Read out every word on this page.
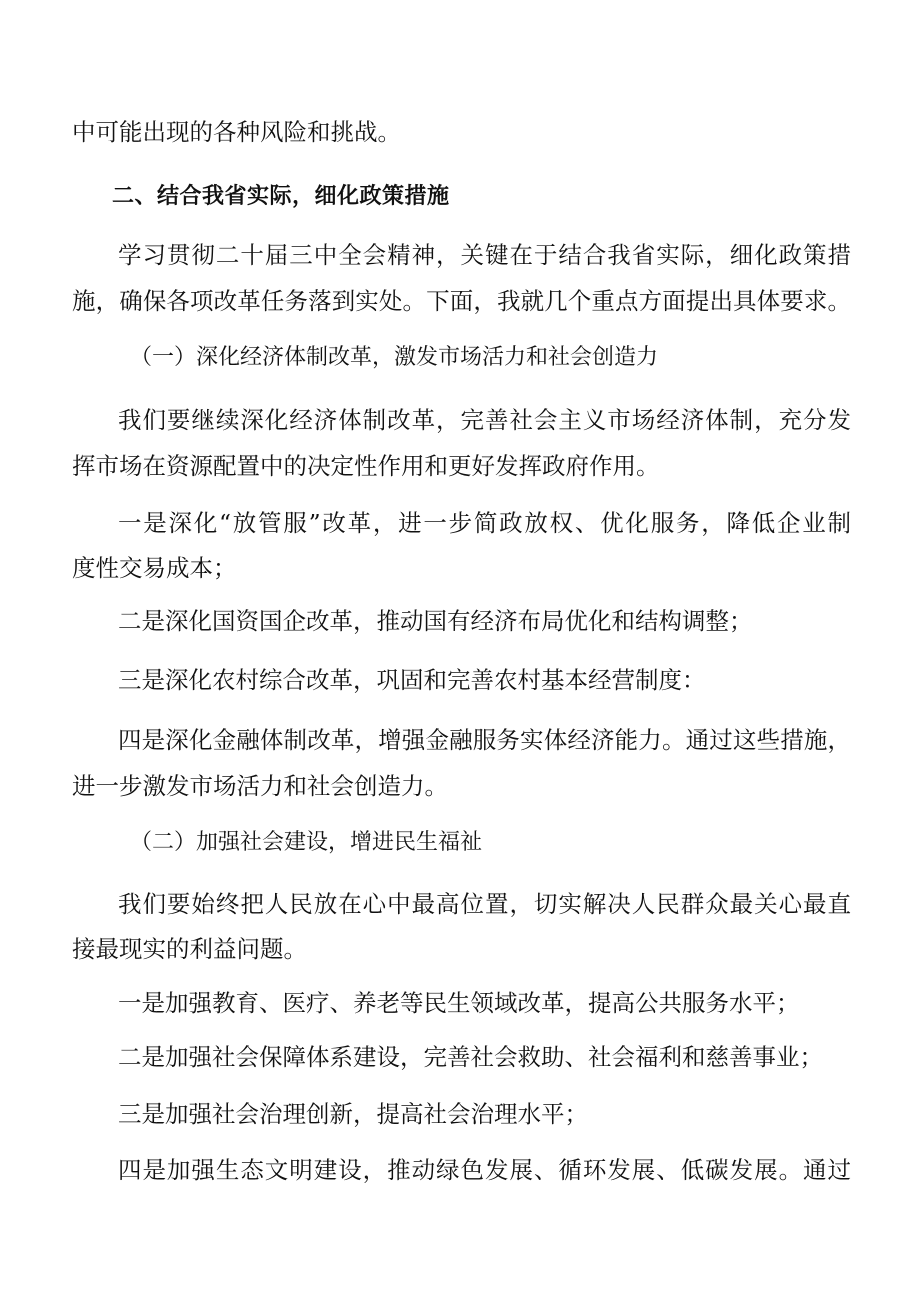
中可能出现的各种风险和挑战。

二、结合我省实际，细化政策措施

学习贯彻二十届三中全会精神，关键在于结合我省实际，细化政策措

施，确保各项改革任务落到实处。下面，我就几个重点方面提出具体要求。

（一）深化经济体制改革，激发市场活力和社会创造力

我们要继续深化经济体制改革，完善社会主义市场经济体制，充分发

挥市场在资源配置中的决定性作用和更好发挥政府作用。

一是深化“放管服”改革，进一步简政放权、优化服务，降低企业制

度性交易成本；

二是深化国资国企改革，推动国有经济布局优化和结构调整；

三是深化农村综合改革，巩固和完善农村基本经营制度：

四是深化金融体制改革，增强金融服务实体经济能力。通过这些措施，

进一步激发市场活力和社会创造力。

（二）加强社会建设，增进民生福祉

我们要始终把人民放在心中最高位置，切实解决人民群众最关心最直

接最现实的利益问题。

一是加强教育、医疗、养老等民生领域改革，提高公共服务水平；

二是加强社会保障体系建设，完善社会救助、社会福利和慈善事业；

三是加强社会治理创新，提高社会治理水平；

四是加强生态文明建设，推动绿色发展、循环发展、低碳发展。通过
